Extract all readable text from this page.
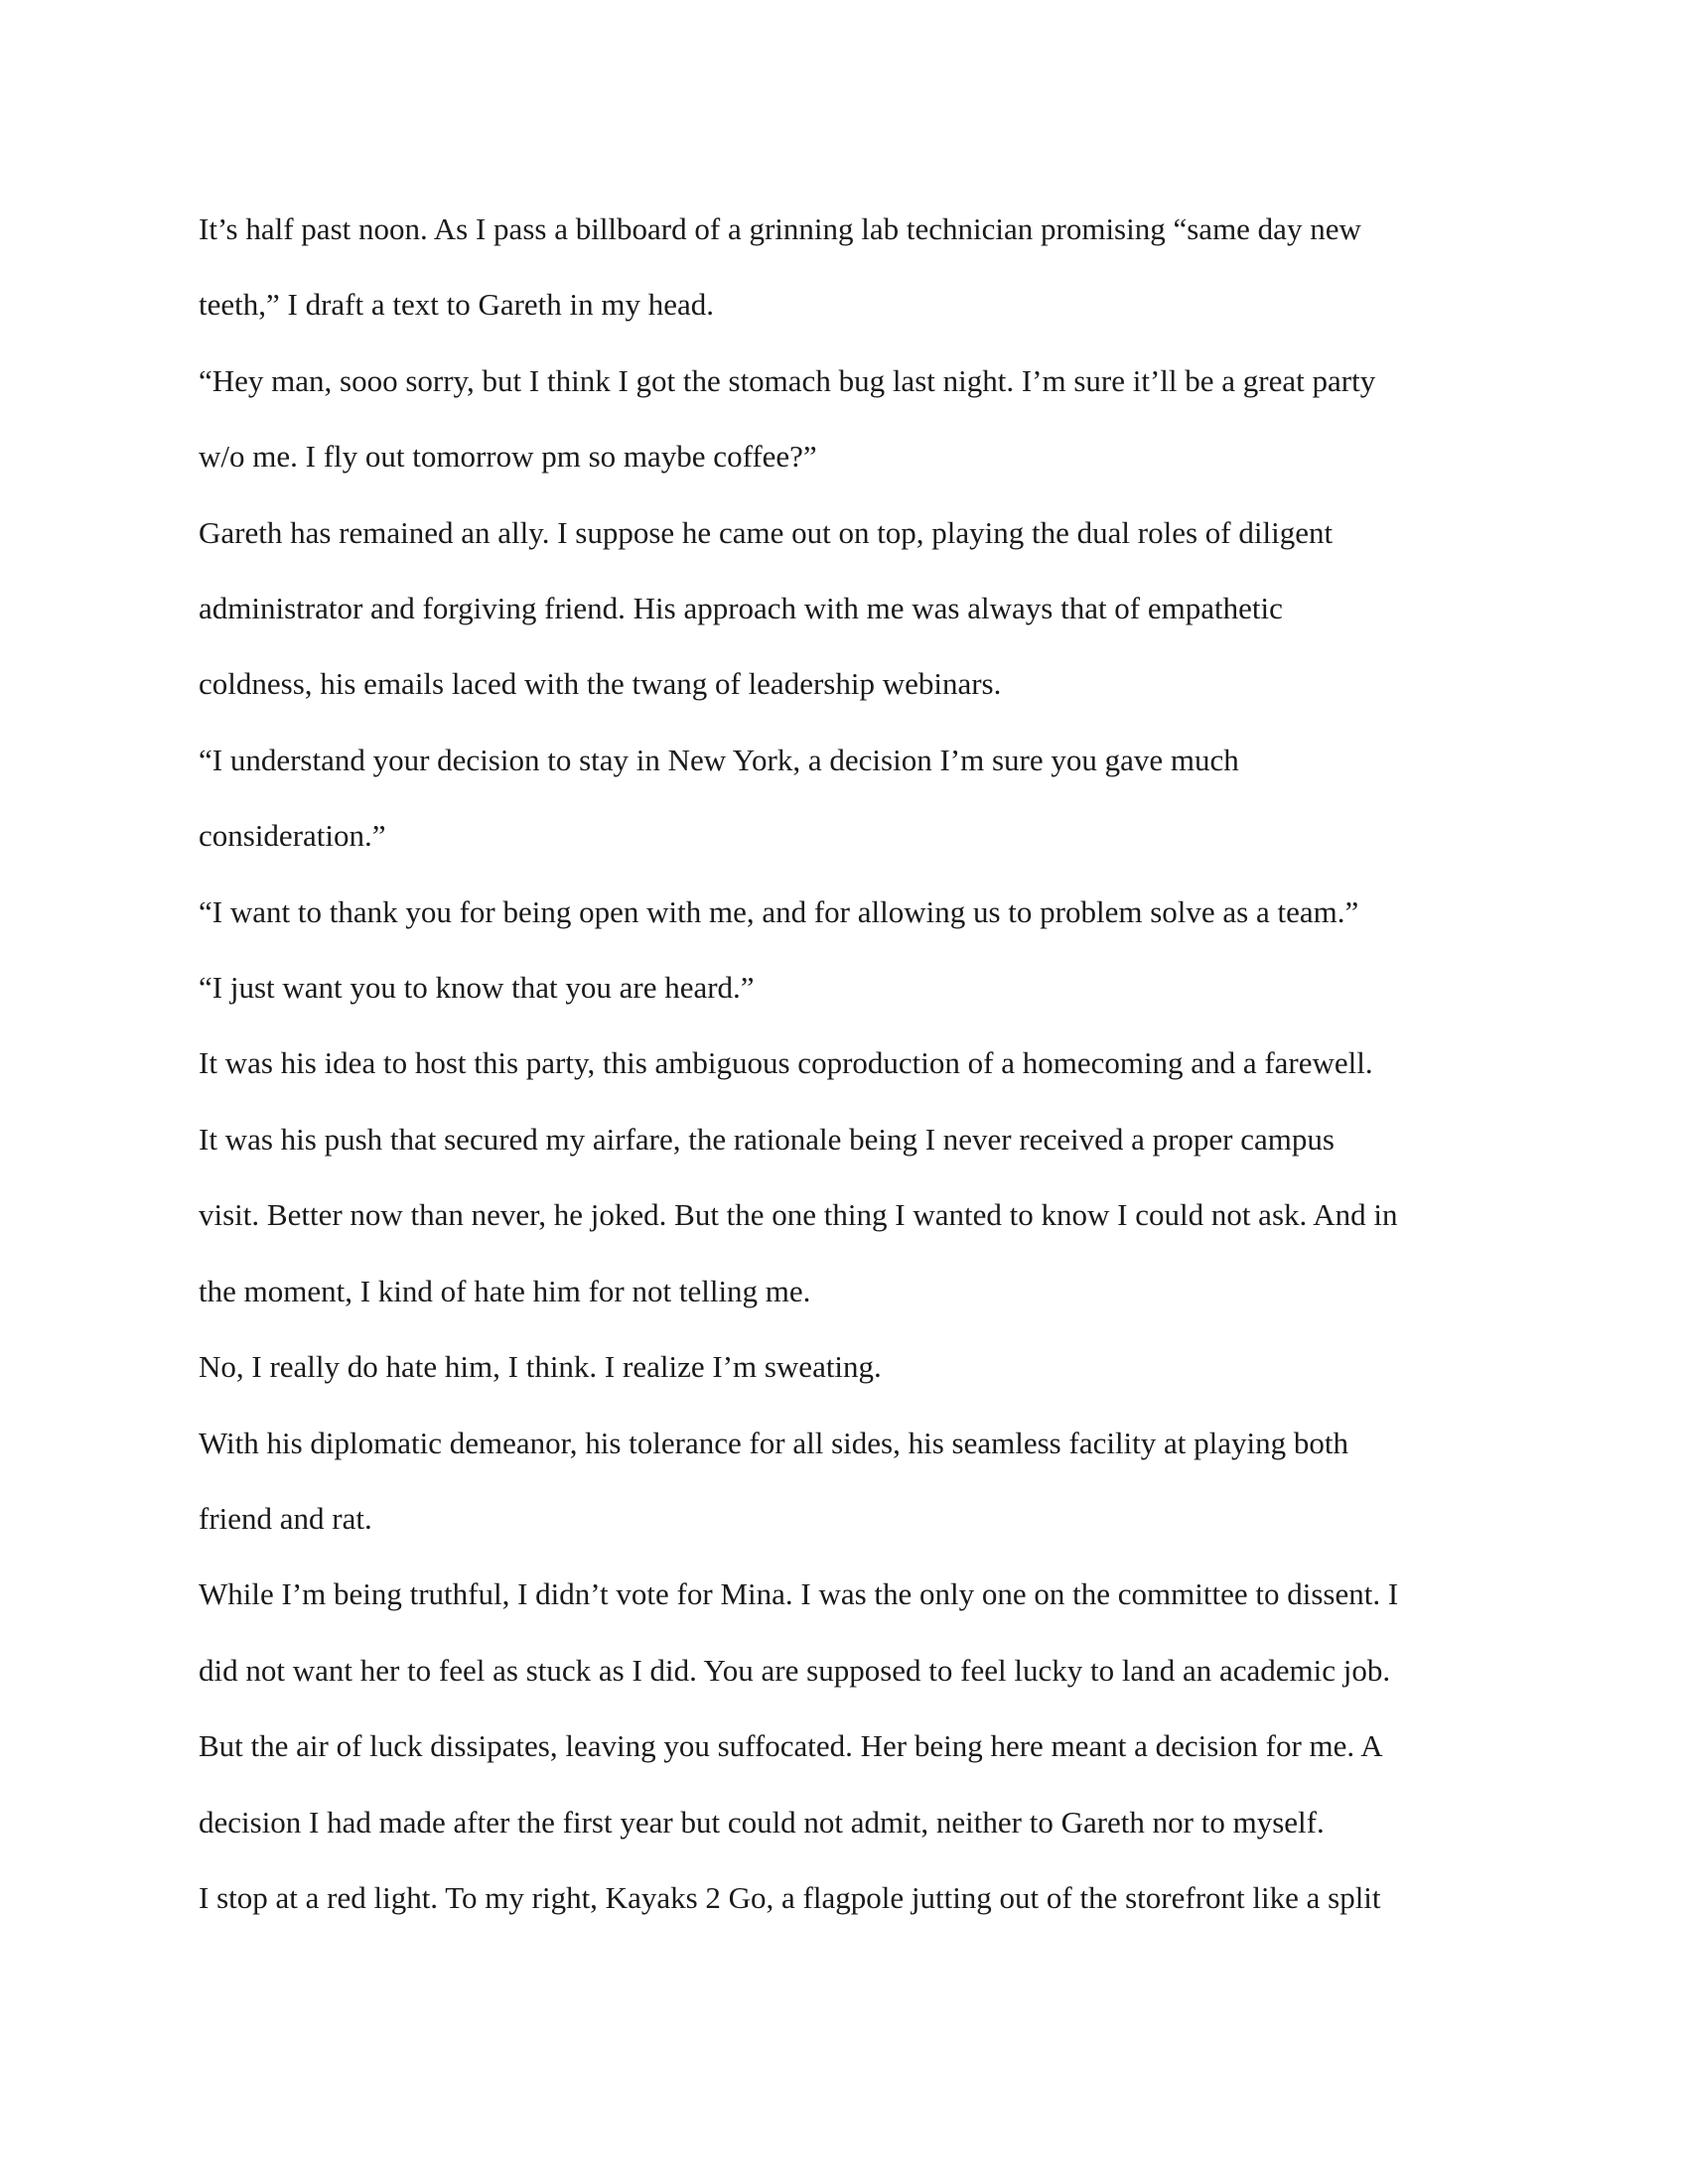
It’s half past noon. As I pass a billboard of a grinning lab technician promising “same day new

teeth,” I draft a text to Gareth in my head.

“Hey man, sooo sorry, but I think I got the stomach bug last night. I’m sure it’ll be a great party

w/o me. I fly out tomorrow pm so maybe coffee?”

Gareth has remained an ally. I suppose he came out on top, playing the dual roles of diligent

administrator and forgiving friend. His approach with me was always that of empathetic

coldness, his emails laced with the twang of leadership webinars.

“I understand your decision to stay in New York, a decision I’m sure you gave much

consideration.”

“I want to thank you for being open with me, and for allowing us to problem solve as a team.”

“I just want you to know that you are heard.”

It was his idea to host this party, this ambiguous coproduction of a homecoming and a farewell.

It was his push that secured my airfare, the rationale being I never received a proper campus

visit. Better now than never, he joked. But the one thing I wanted to know I could not ask. And in

the moment, I kind of hate him for not telling me.

No, I really do hate him, I think. I realize I’m sweating.

With his diplomatic demeanor, his tolerance for all sides, his seamless facility at playing both

friend and rat.

While I’m being truthful, I didn’t vote for Mina. I was the only one on the committee to dissent. I

did not want her to feel as stuck as I did. You are supposed to feel lucky to land an academic job.

But the air of luck dissipates, leaving you suffocated. Her being here meant a decision for me. A

decision I had made after the first year but could not admit, neither to Gareth nor to myself.

I stop at a red light. To my right, Kayaks 2 Go, a flagpole jutting out of the storefront like a split
